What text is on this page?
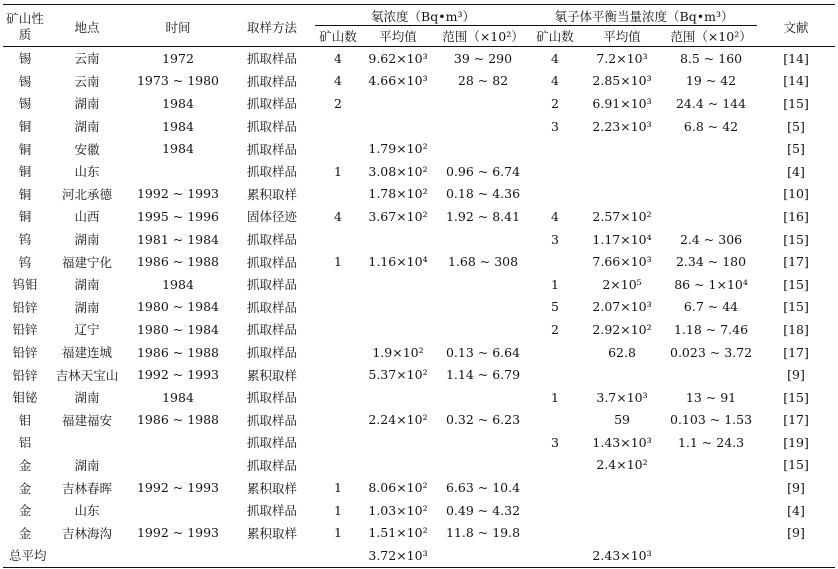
矿山性质	地点	时间	取样方法	氡浓度（Bq•m³）			氡子体平衡当量浓度（Bq•m³）			文献
				矿山数	平均值	范围（×10²）	矿山数	平均值	范围（×10²）	
锡	云南	1972	抓取样品	4	9.62×10³	39 ~ 290	4	7.2×10³	8.5 ~ 160	[14]
锡	云南	1973 ~ 1980	抓取样品	4	4.66×10³	28 ~ 82	4	2.85×10³	19 ~ 42	[14]
锡	湖南	1984	抓取样品	2			2	6.91×10³	24.4 ~ 144	[15]
铜	湖南	1984	抓取样品				3	2.23×10³	6.8 ~ 42	[5]
铜	安徽	1984	抓取样品		1.79×10²					[5]
铜	山东		抓取样品	1	3.08×10²	0.96 ~ 6.74				[4]
铜	河北承德	1992 ~ 1993	累积取样		1.78×10²	0.18 ~ 4.36				[10]
铜	山西	1995 ~ 1996	固体径迹	4	3.67×10²	1.92 ~ 8.41	4	2.57×10²		[16]
钨	湖南	1981 ~ 1984	抓取样品				3	1.17×10⁴	2.4 ~ 306	[15]
钨	福建宁化	1986 ~ 1988	抓取样品	1	1.16×10⁴	1.68 ~ 308		7.66×10³	2.34 ~ 180	[17]
钨钼	湖南	1984	抓取样品				1	2×10⁵	86 ~ 1×10⁴	[15]
铅锌	湖南	1980 ~ 1984	抓取样品				5	2.07×10³	6.7 ~ 44	[15]
铅锌	辽宁	1980 ~ 1984	抓取样品				2	2.92×10²	1.18 ~ 7.46	[18]
铅锌	福建连城	1986 ~ 1988	抓取样品		1.9×10²	0.13 ~ 6.64		62.8	0.023 ~ 3.72	[17]
铅锌	吉林天宝山	1992 ~ 1993	累积取样		5.37×10²	1.14 ~ 6.79				[9]
钼铋	湖南	1984	抓取样品				1	3.7×10³	13 ~ 91	[15]
钼	福建福安	1986 ~ 1988	抓取样品		2.24×10²	0.32 ~ 6.23		59	0.103 ~ 1.53	[17]
铝			抓取样品				3	1.43×10³	1.1 ~ 24.3	[19]
金	湖南		抓取样品					2.4×10²		[15]
金	吉林春晖	1992 ~ 1993	累积取样	1	8.06×10²	6.63 ~ 10.4				[9]
金	山东		抓取样品	1	1.03×10²	0.49 ~ 4.32				[4]
金	吉林海沟	1992 ~ 1993	累积取样	1	1.51×10²	11.8 ~ 19.8				[9]
总平均					3.72×10³			2.43×10³		
